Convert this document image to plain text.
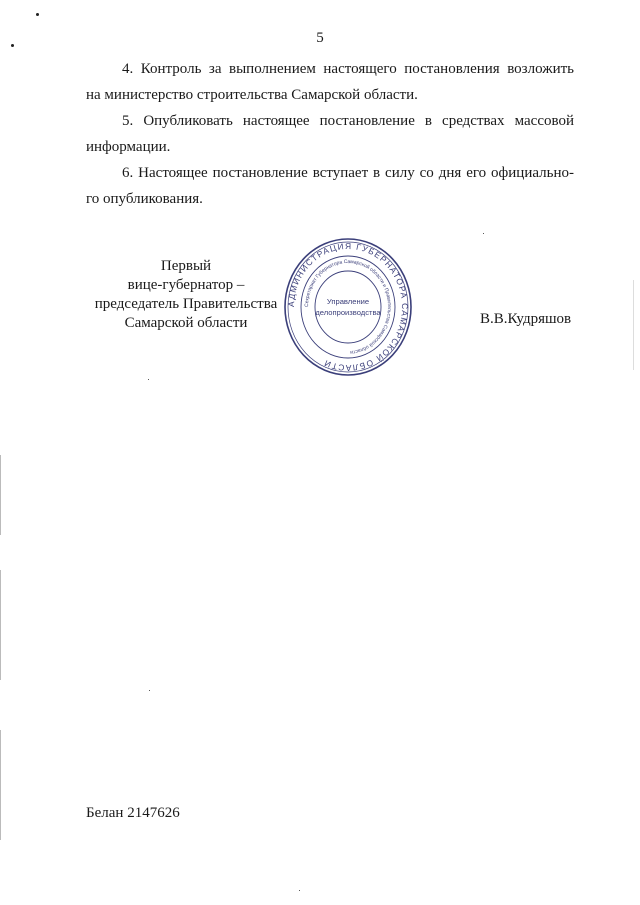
5
4. Контроль за выполнением настоящего постановления возложить
на министерство строительства Самарской области.
5. Опубликовать настоящее постановление в средствах массовой
информации.
6. Настоящее постановление вступает в силу со дня его официально-
го опубликования.
Первый
вице-губернатор –
председатель Правительства
Самарской области
АДМИНИСТРАЦИЯ ГУБЕРНАТОРА САМАРСКОЙ ОБЛАСТИ
Секретариат Губернатора Самарской области и Правительства Самарской области
Управление
делопроизводства	В.В.Кудряшов
Белан 2147626
